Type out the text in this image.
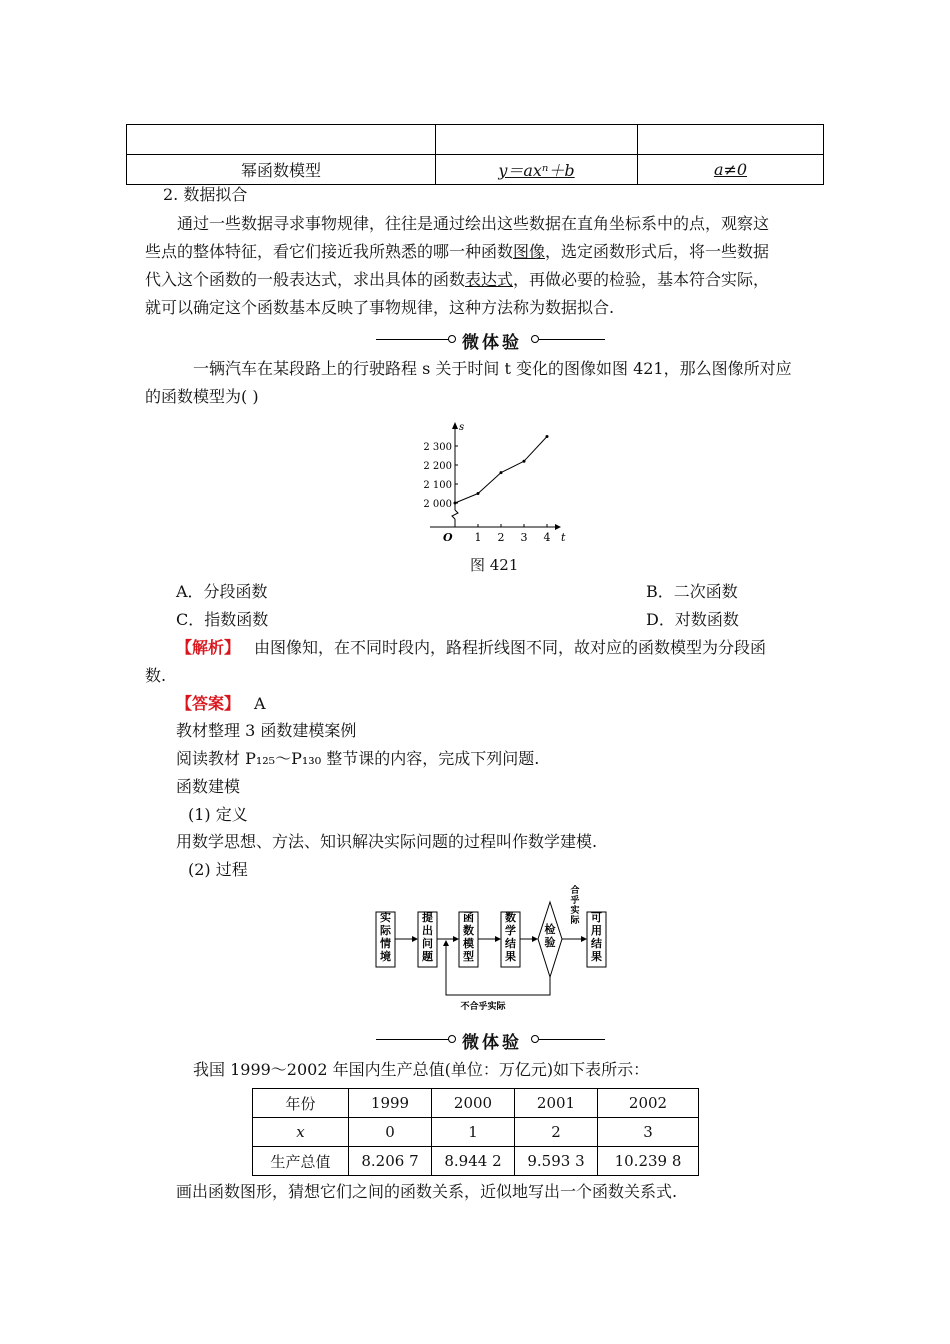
幂函数模型	y＝axⁿ＋b	a≠0
2. 数据拟合
通过一些数据寻求事物规律，往往是通过绘出这些数据在直角坐标系中的点，观察这
些点的整体特征，看它们接近我所熟悉的哪一种函数图像，选定函数形式后，将一些数据
代入这个函数的一般表达式，求出具体的函数表达式，再做必要的检验，基本符合实际，
就可以确定这个函数基本反映了事物规律，这种方法称为数据拟合.
微体验
一辆汽车在某段路上的行驶路程 s 关于时间 t 变化的图像如图 421，那么图像所对应
的函数模型为( )
s
t
O
2 000
2 100
2 200
2 300
1 2 3 4
图 421
A．分段函数	B．二次函数
C．指数函数	D．对数函数
【解析】 由图像知，在不同时段内，路程折线图不同，故对应的函数模型为分段函
数.
【答案】 A
教材整理 3 函数建模案例
阅读教材 P₁₂₅～P₁₃₀ 整节课的内容，完成下列问题.
函数建模
(1) 定义
用数学思想、方法、知识解决实际问题的过程叫作数学建模.
(2) 过程
实际情境
提出问题
函数模型
数学结果
检验
可用结果
合乎实际
不合乎实际
微体验
我国 1999～2002 年国内生产总值(单位：万亿元)如下表所示：
年份	1999	2000	2001	2002
x	0	1	2	3
生产总值	8.206 7	8.944 2	9.593 3	10.239 8
画出函数图形，猜想它们之间的函数关系，近似地写出一个函数关系式.
